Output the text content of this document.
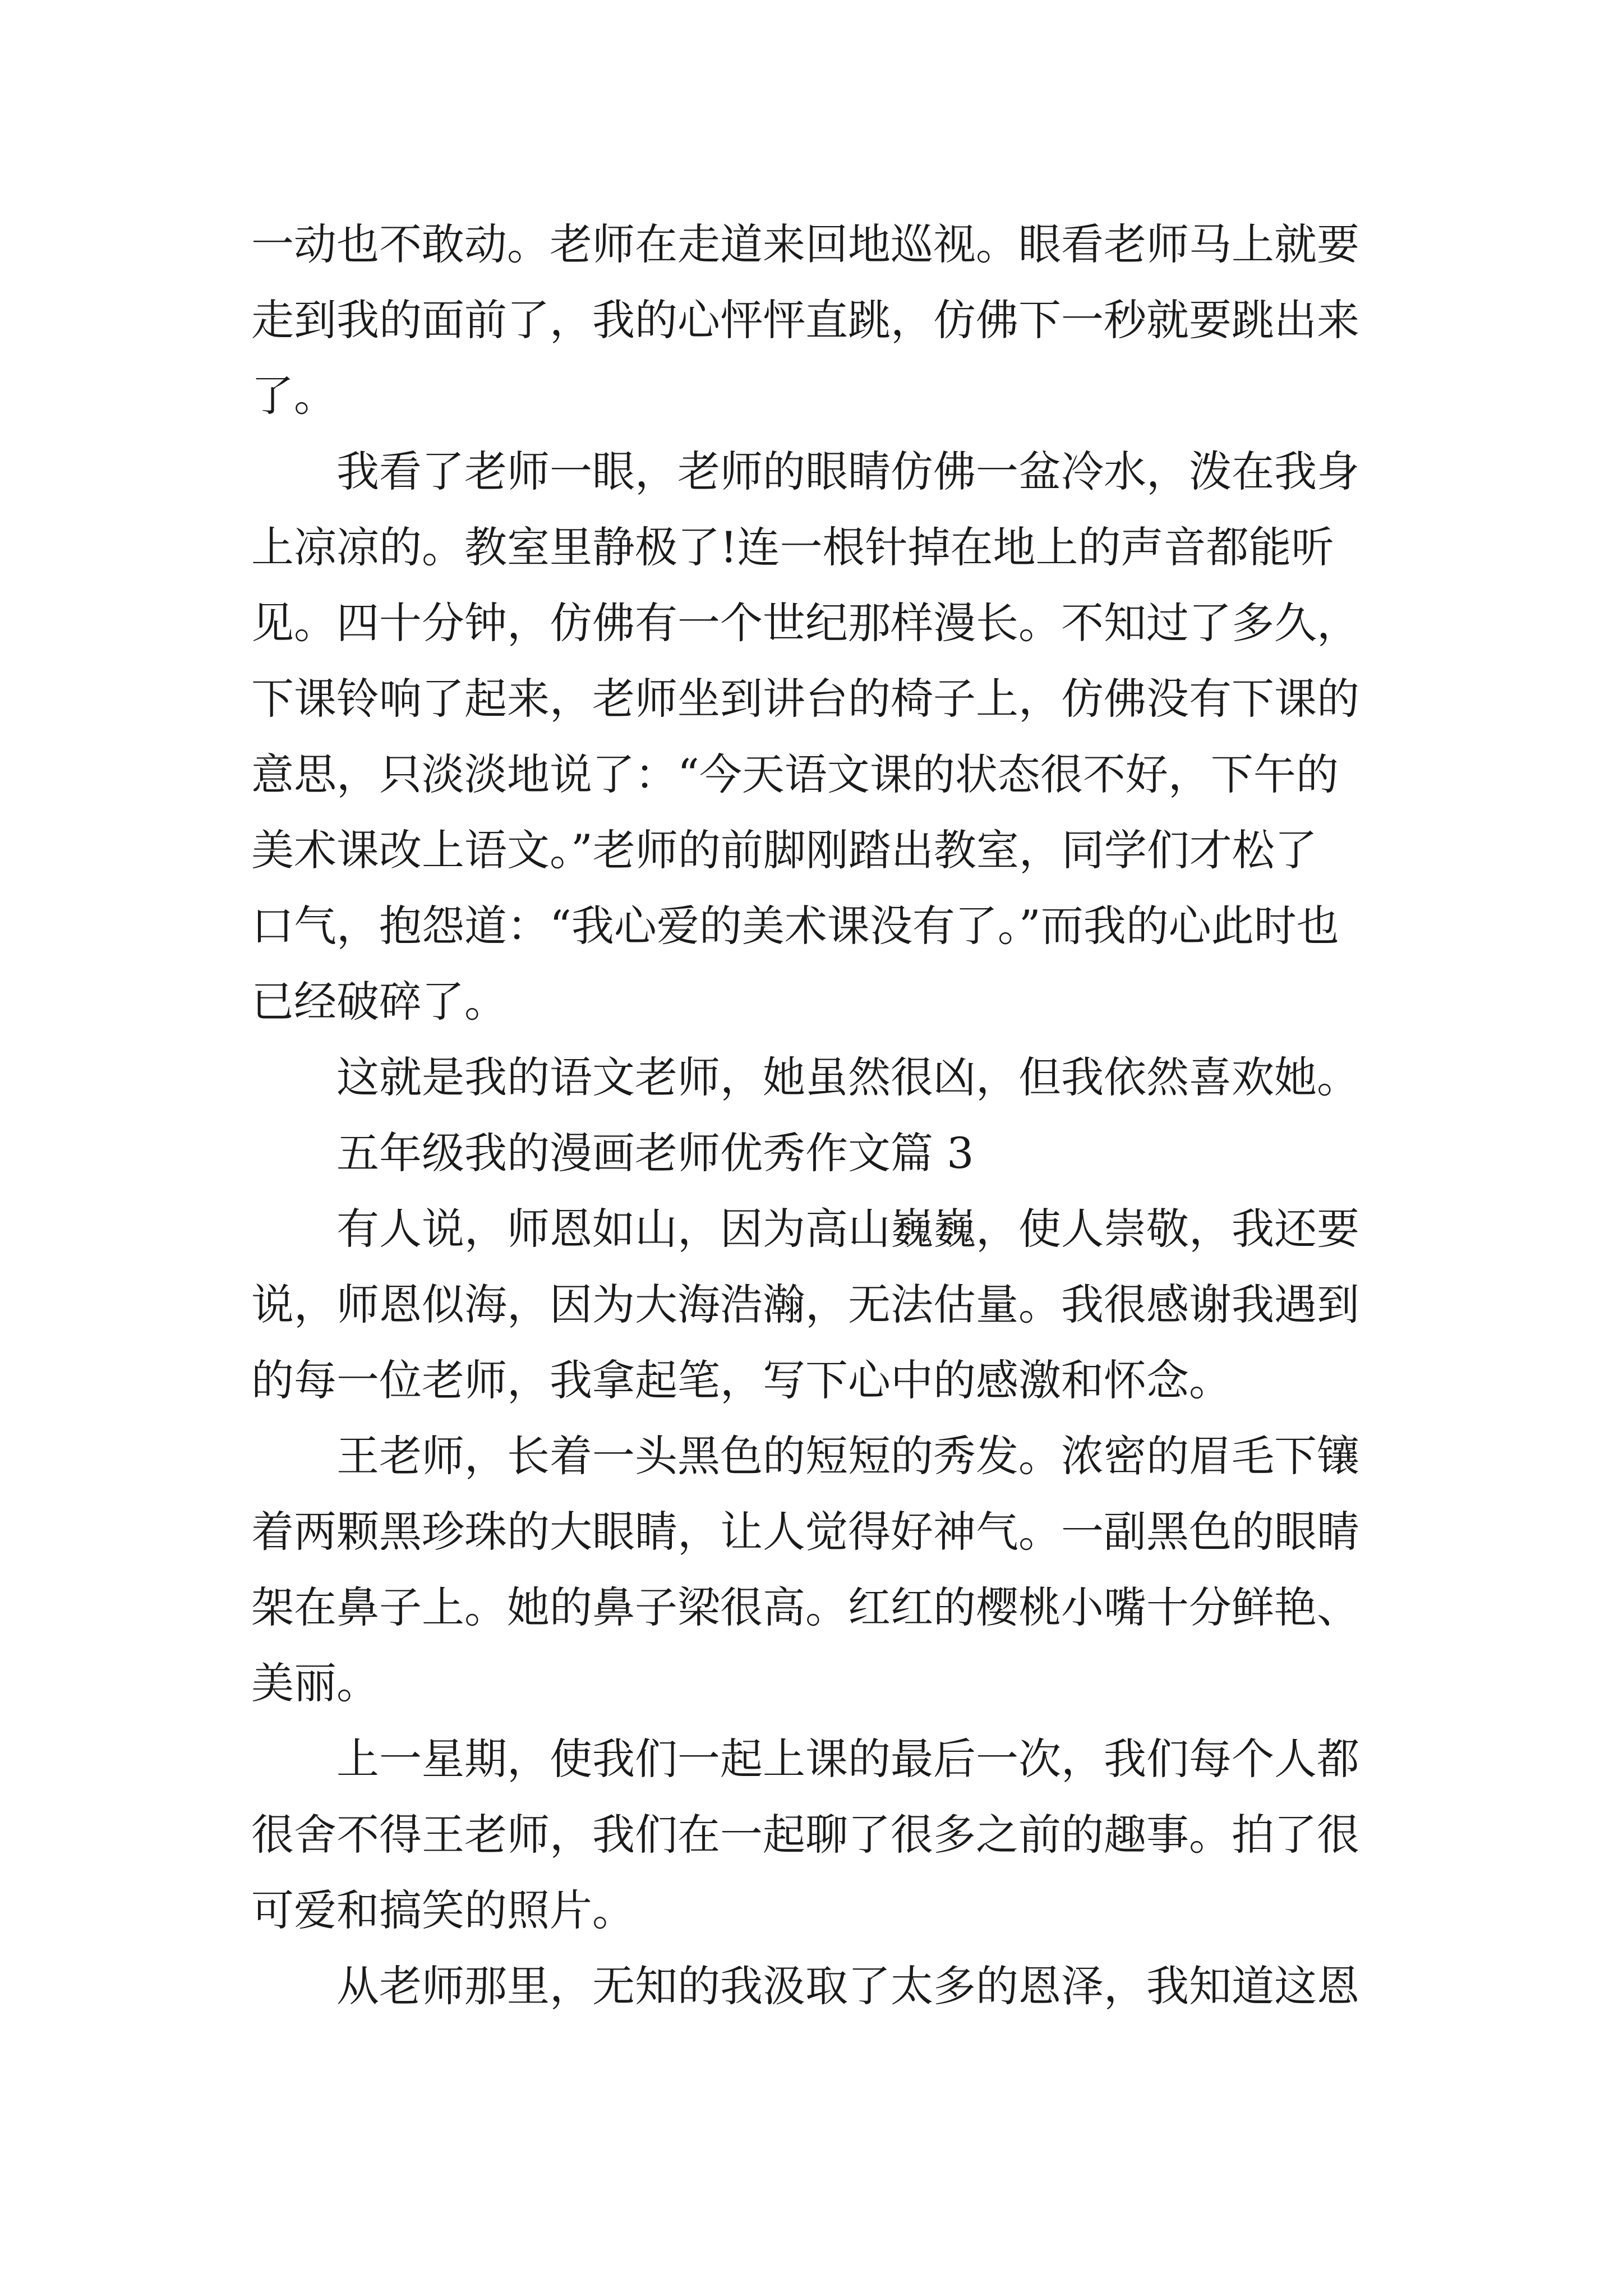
一动也不敢动。老师在走道来回地巡视。眼看老师马上就要
走到我的面前了，我的心怦怦直跳，仿佛下一秒就要跳出来
了。
我看了老师一眼，老师的眼睛仿佛一盆冷水，泼在我身
上凉凉的。教室里静极了!连一根针掉在地上的声音都能听
见。四十分钟，仿佛有一个世纪那样漫长。不知过了多久，
下课铃响了起来，老师坐到讲台的椅子上，仿佛没有下课的
意思，只淡淡地说了：“今天语文课的状态很不好，下午的
美术课改上语文。”老师的前脚刚踏出教室，同学们才松了
口气，抱怨道：“我心爱的美术课没有了。”而我的心此时也
已经破碎了。
这就是我的语文老师，她虽然很凶，但我依然喜欢她。
五年级我的漫画老师优秀作文篇 3
有人说，师恩如山，因为高山巍巍，使人崇敬，我还要
说，师恩似海，因为大海浩瀚，无法估量。我很感谢我遇到
的每一位老师，我拿起笔，写下心中的感激和怀念。
王老师，长着一头黑色的短短的秀发。浓密的眉毛下镶
着两颗黑珍珠的大眼睛，让人觉得好神气。一副黑色的眼睛
架在鼻子上。她的鼻子梁很高。红红的樱桃小嘴十分鲜艳、
美丽。
上一星期，使我们一起上课的最后一次，我们每个人都
很舍不得王老师，我们在一起聊了很多之前的趣事。拍了很
可爱和搞笑的照片。
从老师那里，无知的我汲取了太多的恩泽，我知道这恩
